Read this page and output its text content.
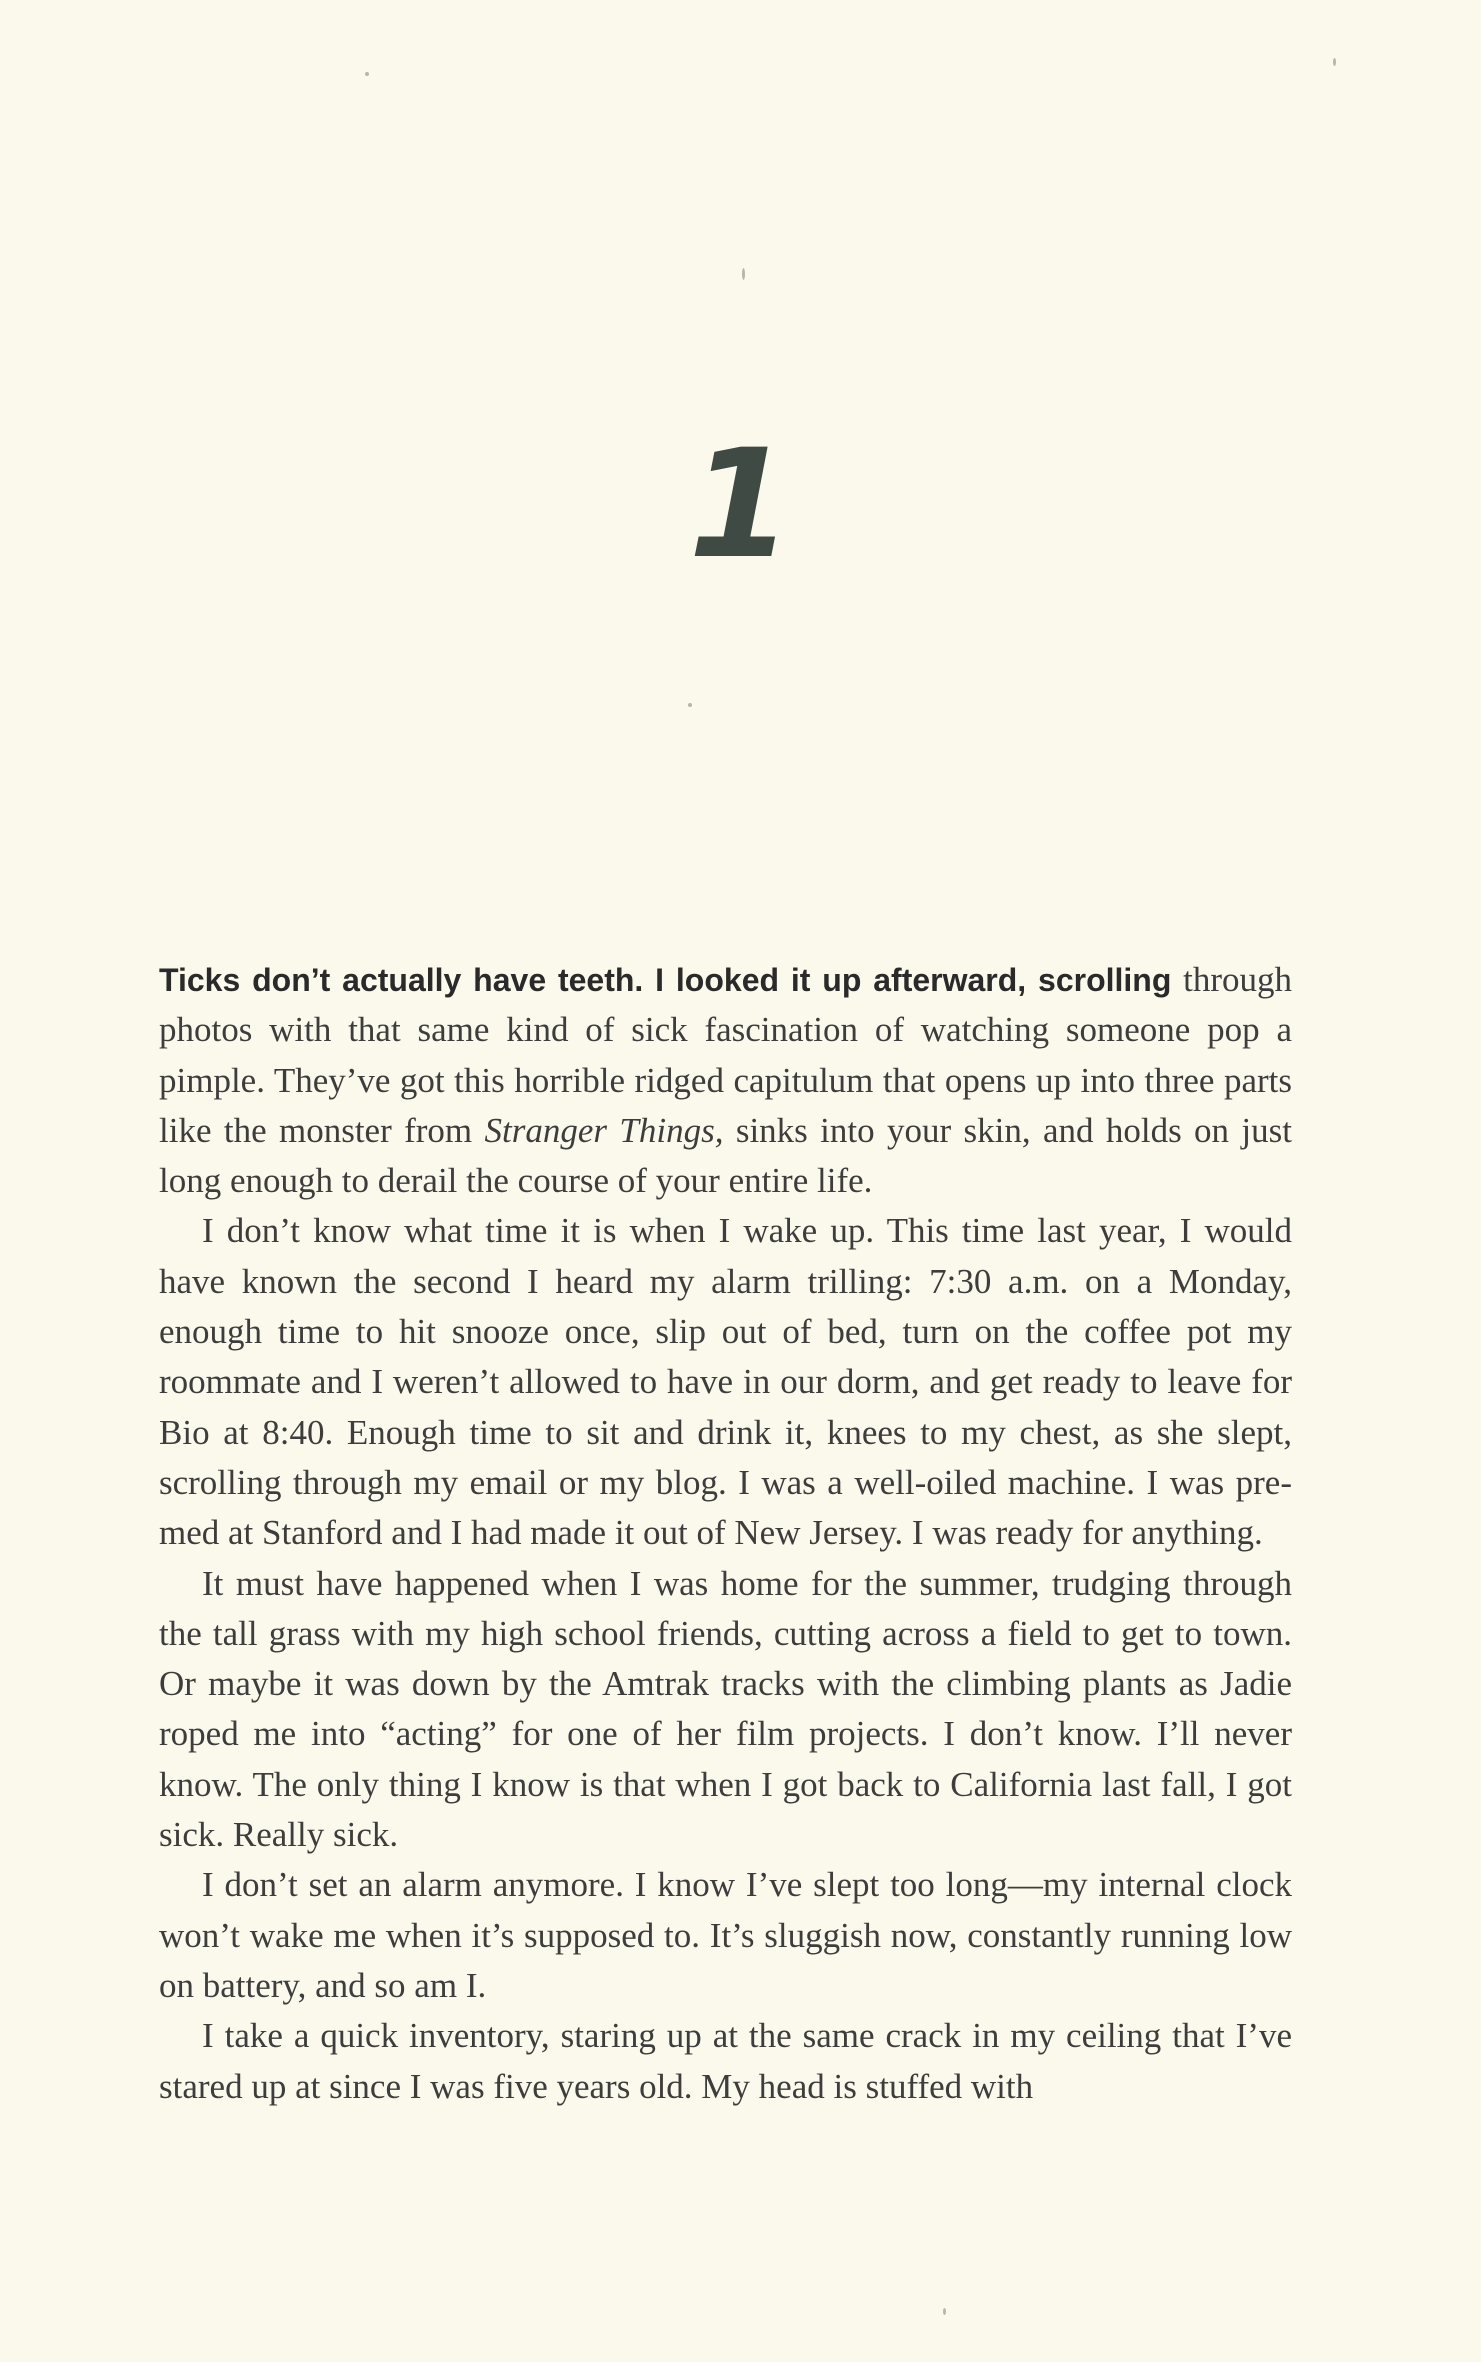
1

Ticks don’t actually have teeth. I looked it up afterward, scrolling through photos with that same kind of sick fascination of watching someone pop a pimple. They’ve got this horrible ridged capitulum that opens up into three parts like the monster from Stranger Things, sinks into your skin, and holds on just long enough to derail the course of your entire life.

I don’t know what time it is when I wake up. This time last year, I would have known the second I heard my alarm trilling: 7:30 a.m. on a Monday, enough time to hit snooze once, slip out of bed, turn on the coffee pot my roommate and I weren’t allowed to have in our dorm, and get ready to leave for Bio at 8:40. Enough time to sit and drink it, knees to my chest, as she slept, scrolling through my email or my blog. I was a well-oiled machine. I was pre-med at Stanford and I had made it out of New Jersey. I was ready for anything.

It must have happened when I was home for the summer, trudging through the tall grass with my high school friends, cutting across a field to get to town. Or maybe it was down by the Amtrak tracks with the climbing plants as Jadie roped me into “acting” for one of her film projects. I don’t know. I’ll never know. The only thing I know is that when I got back to California last fall, I got sick. Really sick.

I don’t set an alarm anymore. I know I’ve slept too long—my internal clock won’t wake me when it’s supposed to. It’s sluggish now, constantly running low on battery, and so am I.

I take a quick inventory, staring up at the same crack in my ceiling that I’ve stared up at since I was five years old. My head is stuffed with
